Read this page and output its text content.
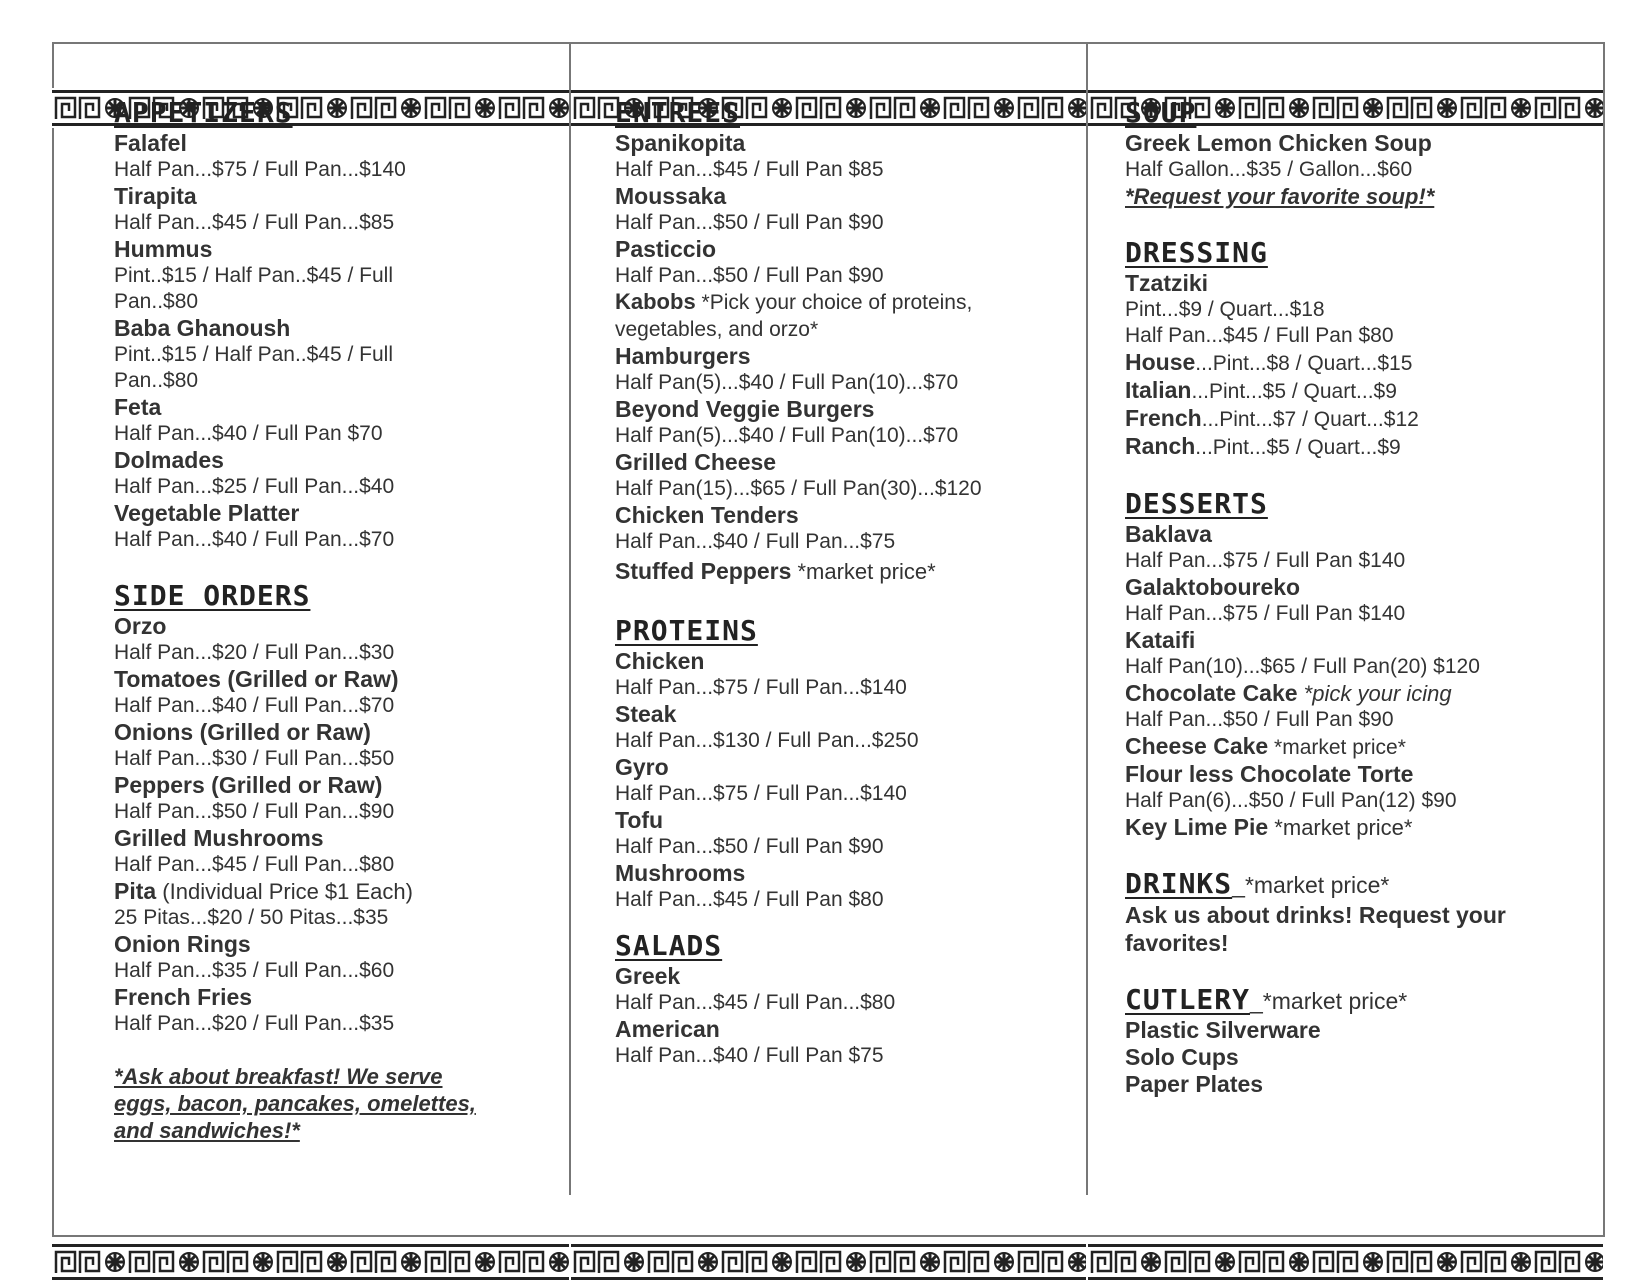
APPETIZERS
Falafel
Half Pan...$75 / Full Pan...$140
Tirapita
Half Pan...$45 / Full Pan...$85
Hummus
Pint..$15 / Half Pan..$45 / Full Pan..$80
Baba Ghanoush
Pint..$15 / Half Pan..$45 / Full Pan..$80
Feta
Half Pan...$40 / Full Pan $70
Dolmades
Half Pan...$25 / Full Pan...$40
Vegetable Platter
Half Pan...$40 / Full Pan...$70
SIDE ORDERS
Orzo
Half Pan...$20 / Full Pan...$30
Tomatoes (Grilled or Raw)
Half Pan...$40 / Full Pan...$70
Onions (Grilled or Raw)
Half Pan...$30 / Full Pan...$50
Peppers (Grilled or Raw)
Half Pan...$50 / Full Pan...$90
Grilled Mushrooms
Half Pan...$45 / Full Pan...$80
Pita (Individual Price $1 Each)
25 Pitas...$20 / 50 Pitas...$35
Onion Rings
Half Pan...$35 / Full Pan...$60
French Fries
Half Pan...$20 / Full Pan...$35
*Ask about breakfast! We serve eggs, bacon, pancakes, omelettes, and sandwiches!*
ENTREES
Spanikopita
Half Pan...$45 / Full Pan $85
Moussaka
Half Pan...$50 / Full Pan $90
Pasticcio
Half Pan...$50 / Full Pan $90
Kabobs *Pick your choice of proteins, vegetables, and orzo*
Hamburgers
Half Pan(5)...$40 / Full Pan(10)...$70
Beyond Veggie Burgers
Half Pan(5)...$40 / Full Pan(10)...$70
Grilled Cheese
Half Pan(15)...$65 / Full Pan(30)...$120
Chicken Tenders
Half Pan...$40 / Full Pan...$75
Stuffed Peppers *market price*
PROTEINS
Chicken
Half Pan...$75 / Full Pan...$140
Steak
Half Pan...$130 / Full Pan...$250
Gyro
Half Pan...$75 / Full Pan...$140
Tofu
Half Pan...$50 / Full Pan $90
Mushrooms
Half Pan...$45 / Full Pan $80
SALADS
Greek
Half Pan...$45 / Full Pan...$80
American
Half Pan...$40 / Full Pan $75
SOUP
Greek Lemon Chicken Soup
Half Gallon...$35 / Gallon...$60
*Request your favorite soup!*
DRESSING
Tzatziki
Pint...$9 / Quart...$18
Half Pan...$45 / Full Pan $80
House...Pint...$8 / Quart...$15
Italian...Pint...$5 / Quart...$9
French...Pint...$7 / Quart...$12
Ranch...Pint...$5 / Quart...$9
DESSERTS
Baklava
Half Pan...$75 / Full Pan $140
Galaktoboureko
Half Pan...$75 / Full Pan $140
Kataifi
Half Pan(10)...$65 / Full Pan(20) $120
Chocolate Cake *pick your icing
Half Pan...$50 / Full Pan $90
Cheese Cake *market price*
Flour less Chocolate Torte
Half Pan(6)...$50 / Full Pan(12) $90
Key Lime Pie *market price*
DRINKS_*market price*
Ask us about drinks! Request your favorites!
CUTLERY_*market price*
Plastic Silverware
Solo Cups
Paper Plates
